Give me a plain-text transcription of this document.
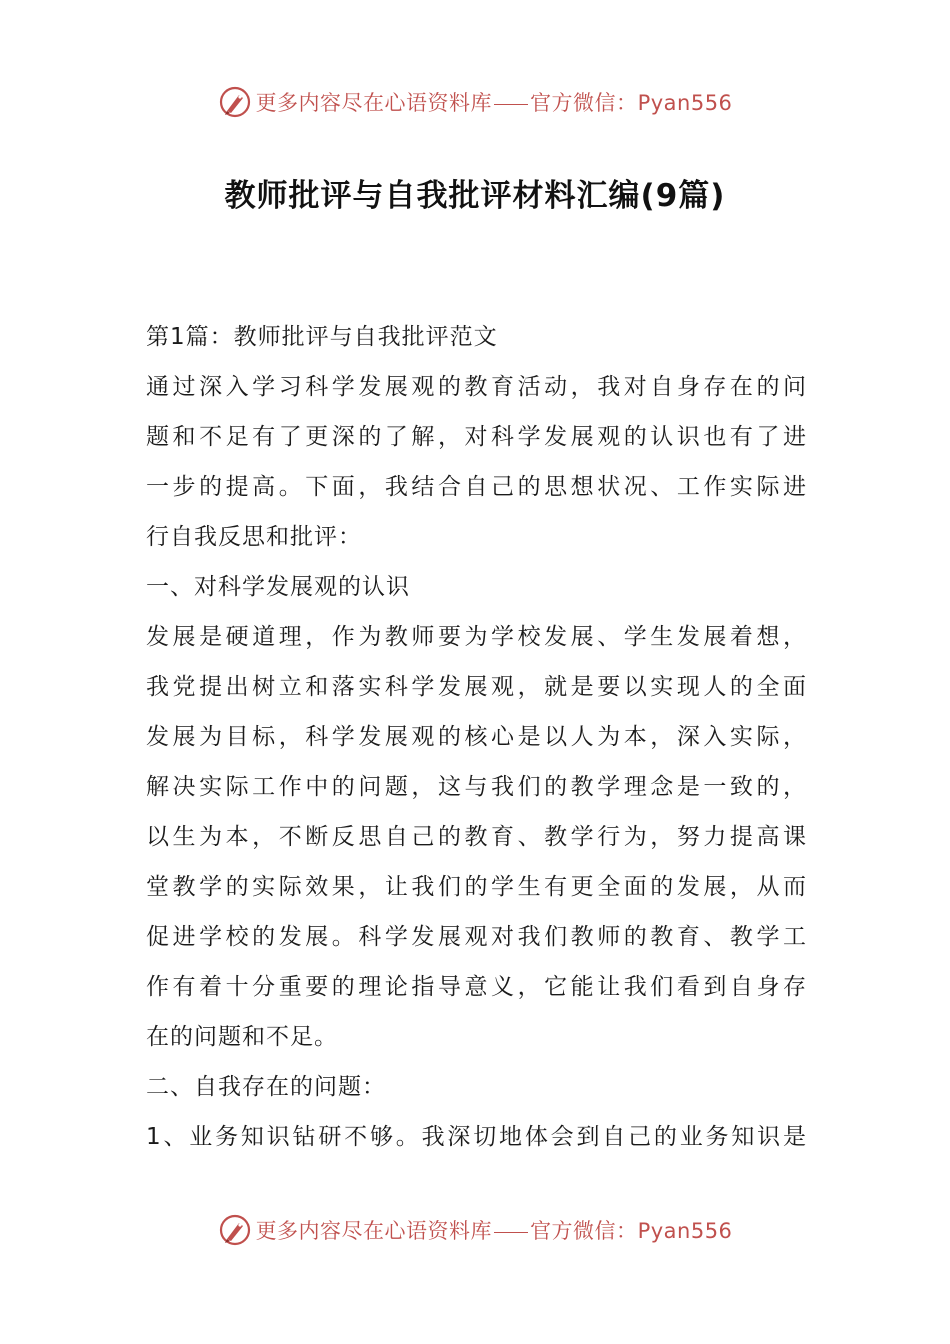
更多内容尽在心语资料库 官方微信：Pyan556
教师批评与自我批评材料汇编(9篇)
第1篇：教师批评与自我批评范文
通过深入学习科学发展观的教育活动，我对自身存在的问
题和不足有了更深的了解，对科学发展观的认识也有了进
一步的提高。下面，我结合自己的思想状况、工作实际进
行自我反思和批评：
一、对科学发展观的认识
发展是硬道理，作为教师要为学校发展、学生发展着想，
我党提出树立和落实科学发展观，就是要以实现人的全面
发展为目标，科学发展观的核心是以人为本，深入实际，
解决实际工作中的问题，这与我们的教学理念是一致的，
以生为本，不断反思自己的教育、教学行为，努力提高课
堂教学的实际效果，让我们的学生有更全面的发展，从而
促进学校的发展。科学发展观对我们教师的教育、教学工
作有着十分重要的理论指导意义，它能让我们看到自身存
在的问题和不足。
二、自我存在的问题：
1、业务知识钻研不够。我深切地体会到自己的业务知识是
更多内容尽在心语资料库 官方微信：Pyan556
